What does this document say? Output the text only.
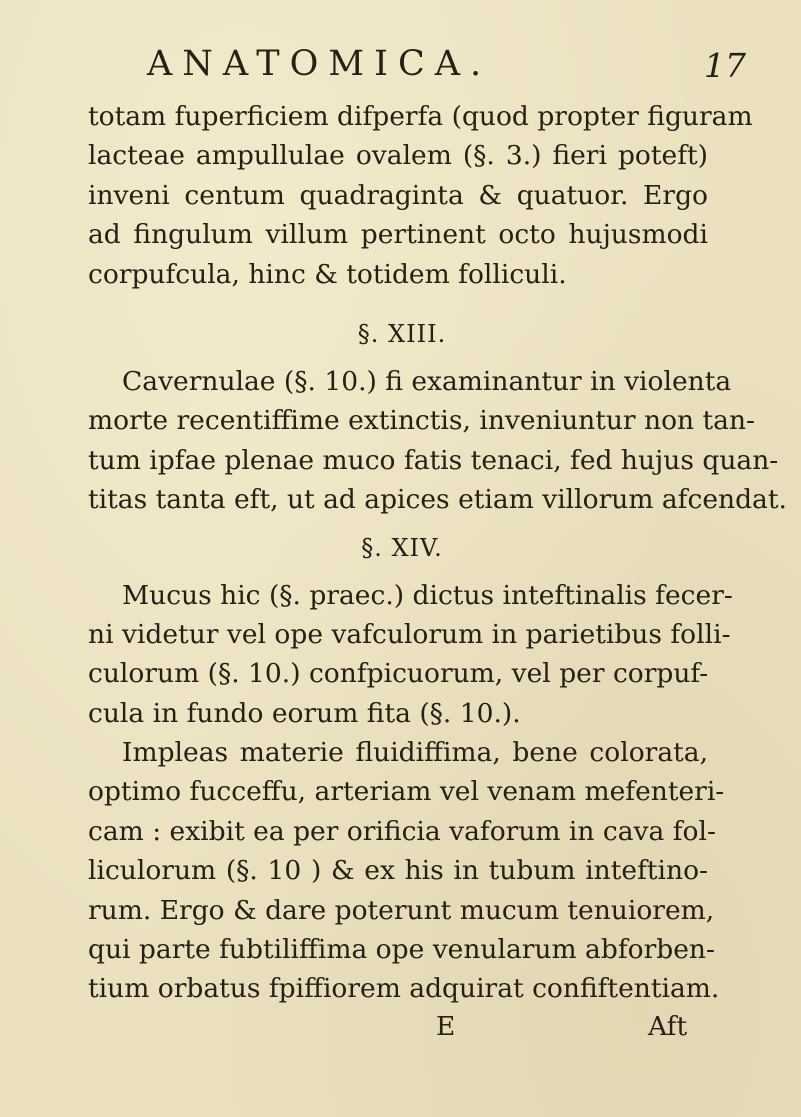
ANATOMICA.	17
totam fuperficiem difperfa (quod propter figuram
lacteae ampullulae ovalem (§. 3.) fieri poteft)
inveni centum quadraginta & quatuor. Ergo
ad fingulum villum pertinent octo hujusmodi
corpufcula, hinc & totidem folliculi.
§. XIII.
Cavernulae (§. 10.) fi examinantur in violenta
morte recentiffime extinctis, inveniuntur non tan-
tum ipfae plenae muco fatis tenaci, fed hujus quan-
titas tanta eft, ut ad apices etiam villorum afcendat.
§. XIV.
Mucus hic (§. praec.) dictus inteftinalis fecer-
ni videtur vel ope vafculorum in parietibus folli-
culorum (§. 10.) confpicuorum, vel per corpuf-
cula in fundo eorum fita (§. 10.).
Impleas materie fluidiffima, bene colorata,
optimo fucceffu, arteriam vel venam mefenteri-
cam : exibit ea per orificia vaforum in cava fol-
liculorum (§. 10 ) & ex his in tubum inteftino-
rum. Ergo & dare poterunt mucum tenuiorem,
qui parte fubtiliffima ope venularum abforben-
tium orbatus fpiffiorem adquirat confiftentiam.
E	Aft
